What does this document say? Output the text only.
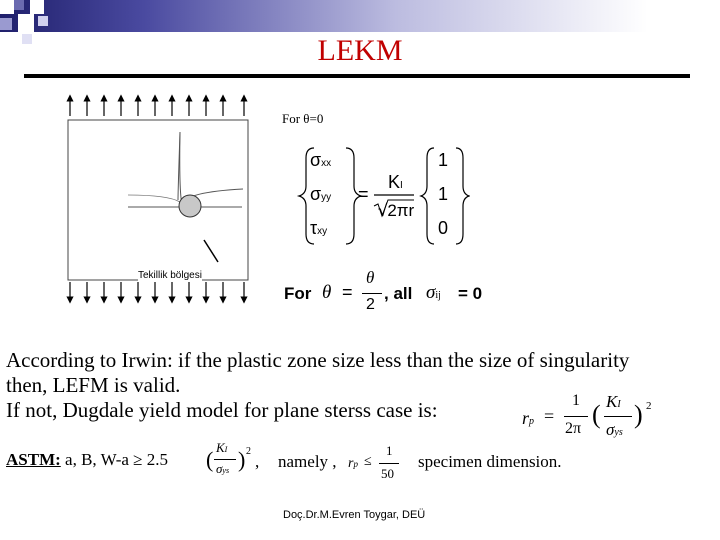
LEKM
Tekillik bölgesi
For θ=0
σxx
σyy
τxy
=
KI
√2πr
1
1
0
For θ =
θ
2
, all σij = 0
According to Irwin: if the plastic zone size less than the size of singularity
then, LEFM is valid.
If not, Dugdale yield model for plane sterss case is:	rp =
1
2π ( KI
σys
) 2
ASTM: a, B, W-a ≥ 2.5 ( KI
σys ) 2
, namely , rp ≤
1
50
specimen dimension.
Doç.Dr.M.Evren Toygar, DEÜ
